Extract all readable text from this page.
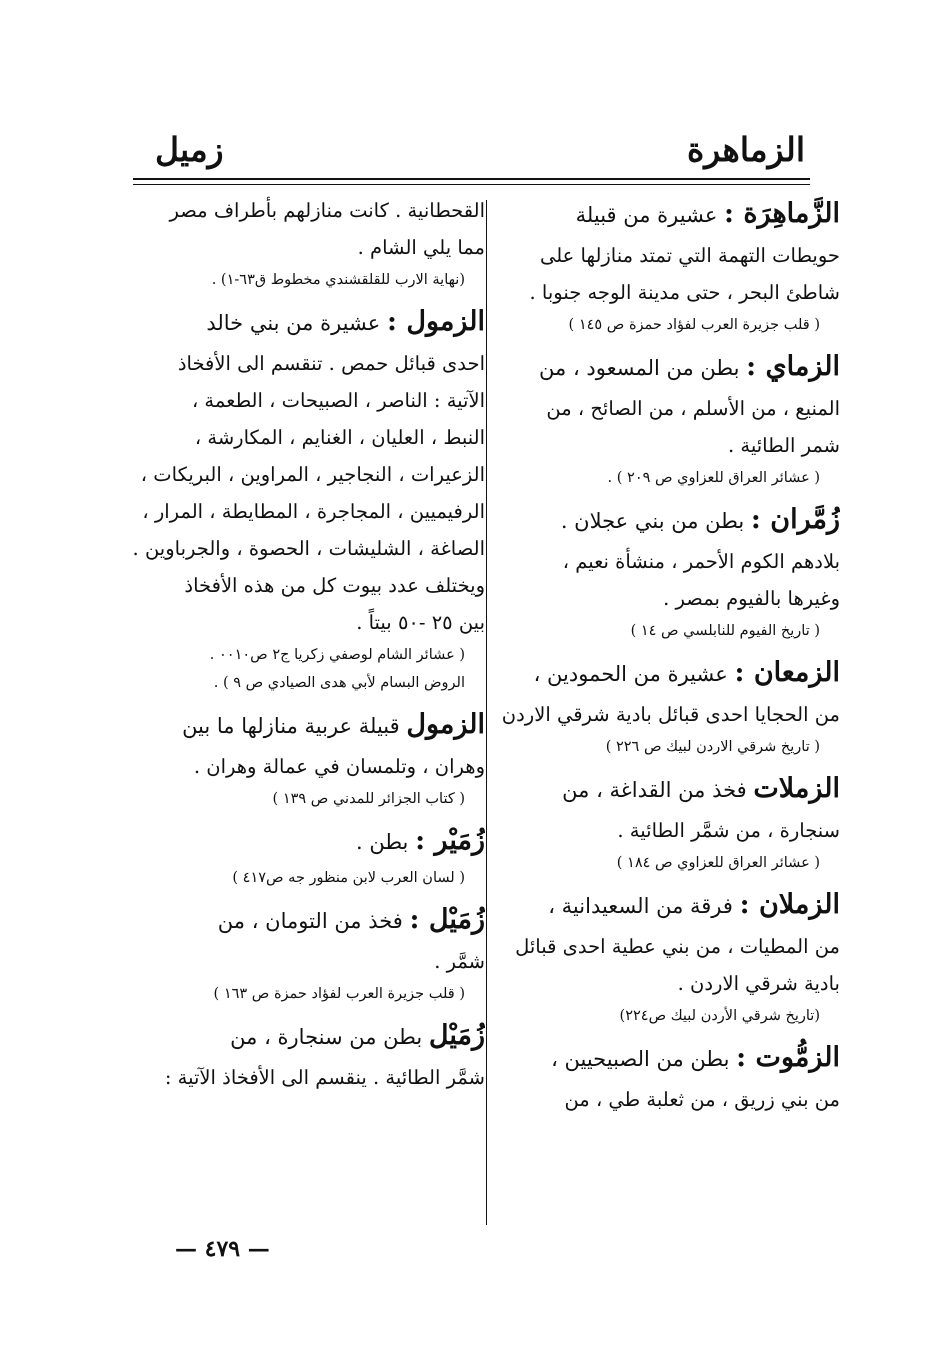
الزماهرة
زميل
الزَّماهِرَة : عشيرة من قبيلة
حويطات التهمة التي تمتد منازلها على
شاطئ البحر ، حتى مدينة الوجه جنوبا .
( قلب جزيرة العرب لفؤاد حمزة ص ١٤٥ )
الزماي : بطن من المسعود ، من
المنيع ، من الأسلم ، من الصائح ، من
شمر الطائية .
( عشائر العراق للعزاوي ص ٢٠٩ ) .
زُمَّران : بطن من بني عجلان .
بلادهم الكوم الأحمر ، منشأة نعيم ،
وغيرها بالفيوم بمصر .
( تاريخ الفيوم للنابلسي ص ١٤ )
الزمعان : عشيرة من الحمودين ،
من الحجايا احدى قبائل بادية شرقي الاردن
( تاريخ شرقي الاردن لبيك ص ٢٢٦ )
الزملات فخذ من القداغة ، من
سنجارة ، من شمَّر الطائية .
( عشائر العراق للعزاوي ص ١٨٤ )
الزملان : فرقة من السعيدانية ،
من المطيات ، من بني عطية احدى قبائل
بادية شرقي الاردن .
(تاريخ شرقي الأردن لبيك ص٢٢٤)
الزمُّوت : بطن من الصبيحيين ،
من بني زريق ، من ثعلبة طي ، من
القحطانية . كانت منازلهم بأطراف مصر
مما يلي الشام .
(نهاية الارب للقلقشندي مخطوط ق٦٣-١) .
الزمول : عشيرة من بني خالد
احدى قبائل حمص . تنقسم الى الأفخاذ
الآتية : الناصر ، الصبيحات ، الطعمة ،
النبط ، العليان ، الغنايم ، المكارشة ،
الزعيرات ، النجاجير ، المراوين ، البريكات ،
الرفيميين ، المجاجرة ، المطايطة ، المرار ،
الصاغة ، الشليشات ، الحصوة ، والجرباوين .
ويختلف عدد بيوت كل من هذه الأفخاذ
بين ٢٥ -٥٠ بيتاً .
( عشائر الشام لوصفي زكريا ج٢ ص٠٠١٠ .
الروض البسام لأبي هدى الصيادي ص ٩ ) .
الزمول قبيلة عربية منازلها ما بين
وهران ، وتلمسان في عمالة وهران .
( كتاب الجزائر للمدني ص ١٣٩ )
زُمَيْر : بطن .
( لسان العرب لابن منظور جه ص٤١٧ )
زُمَيْل : فخذ من التومان ، من
شمَّر .
( قلب جزيرة العرب لفؤاد حمزة ص ١٦٣ )
زُمَيْل بطن من سنجارة ، من
شمَّر الطائية . ينقسم الى الأفخاذ الآتية :
— ٤٧٩ —
